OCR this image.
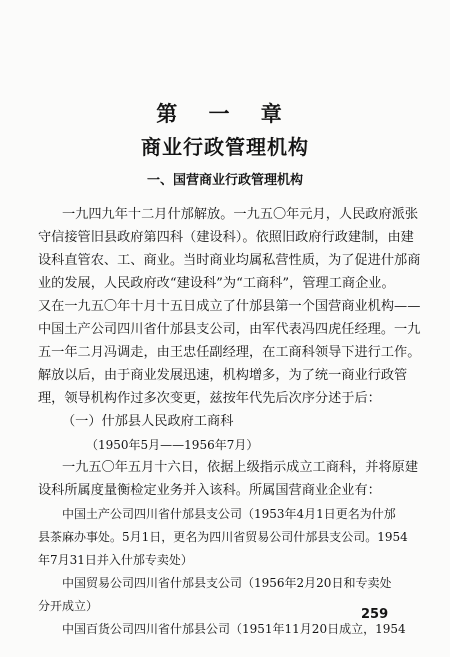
第 一 章
商业行政管理机构
一、国营商业行政管理机构
一九四九年十二月什邡解放。一九五〇年元月，人民政府派张
守信接管旧县政府第四科（建设科）。依照旧政府行政建制，由建
设科直管农、工、商业。当时商业均属私营性质，为了促进什邡商
业的发展，人民政府改“建设科”为“工商科”，管理工商企业。
又在一九五〇年十月十五日成立了什邡县第一个国营商业机构——
中国土产公司四川省什邡县支公司，由军代表冯四虎任经理。一九
五一年二月冯调走，由王忠任副经理，在工商科领导下进行工作。
解放以后，由于商业发展迅速，机构增多，为了统一商业行政管
理，领导机构作过多次变更，兹按年代先后次序分述于后：
（一）什邡县人民政府工商科
（1950年5月——1956年7月）
一九五〇年五月十六日，依据上级指示成立工商科，并将原建
设科所属度量衡检定业务并入该科。所属国营商业企业有：
中国土产公司四川省什邡县支公司（1953年4月1日更名为什邡
县茶麻办事处。5月1日，更名为四川省贸易公司什邡县支公司。1954
年7月31日并入什邡专卖处）
中国贸易公司四川省什邡县支公司（1956年2月20日和专卖处
分开成立）
中国百货公司四川省什邡县公司（1951年11月20日成立，1954
259
